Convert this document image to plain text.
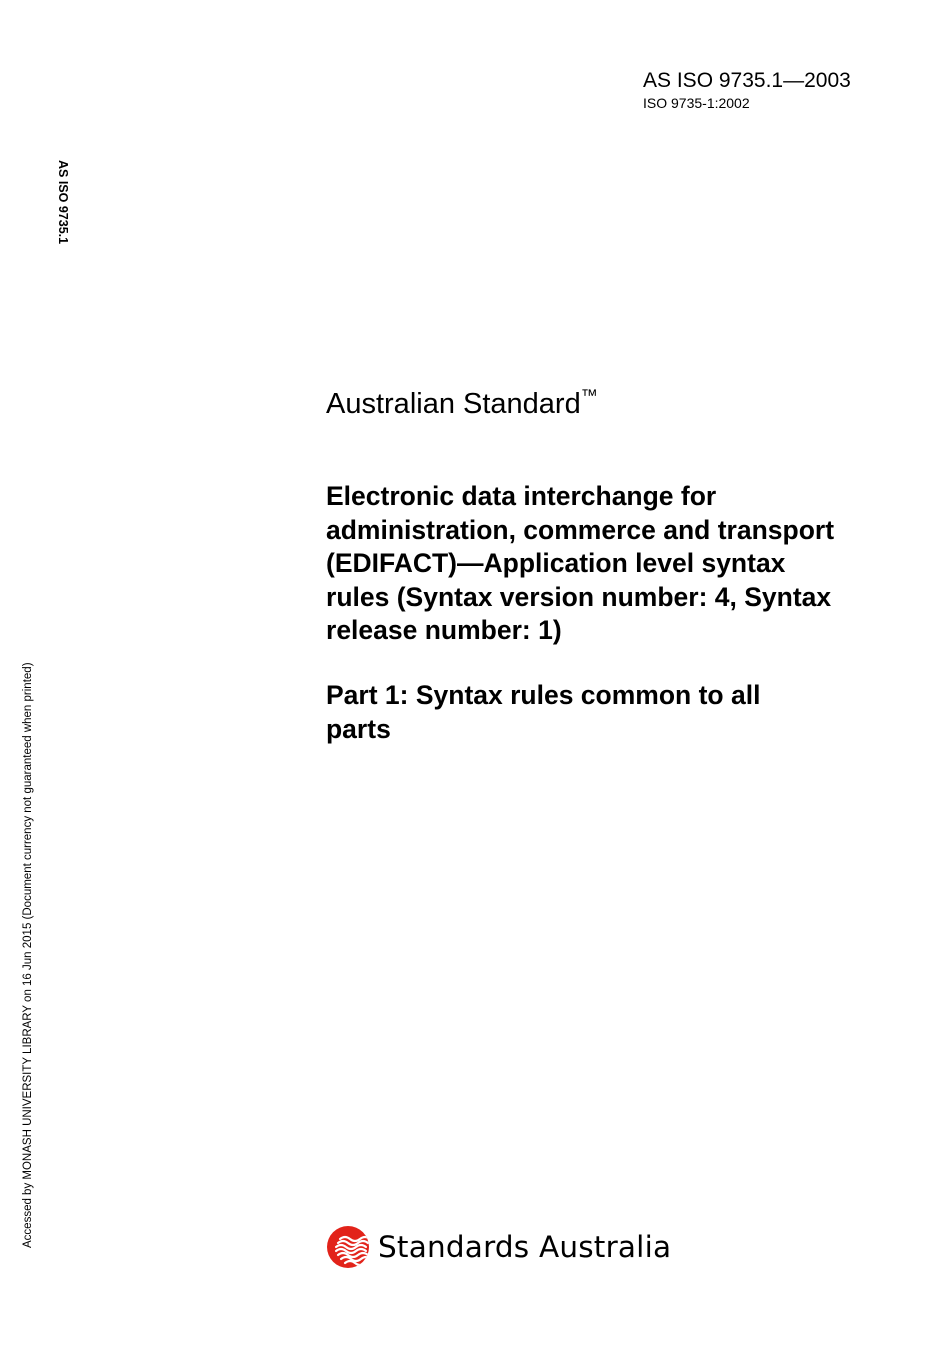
AS ISO 9735.1—2003
ISO 9735-1:2002
AS ISO 9735.1
Accessed by MONASH UNIVERSITY LIBRARY on 16 Jun 2015 (Document currency not guaranteed when printed)
Australian Standard™
Electronic data interchange for
administration, commerce and transport
(EDIFACT)—Application level syntax
rules (Syntax version number: 4, Syntax
release number: 1)
Part 1: Syntax rules common to all
parts
Standards Australia
